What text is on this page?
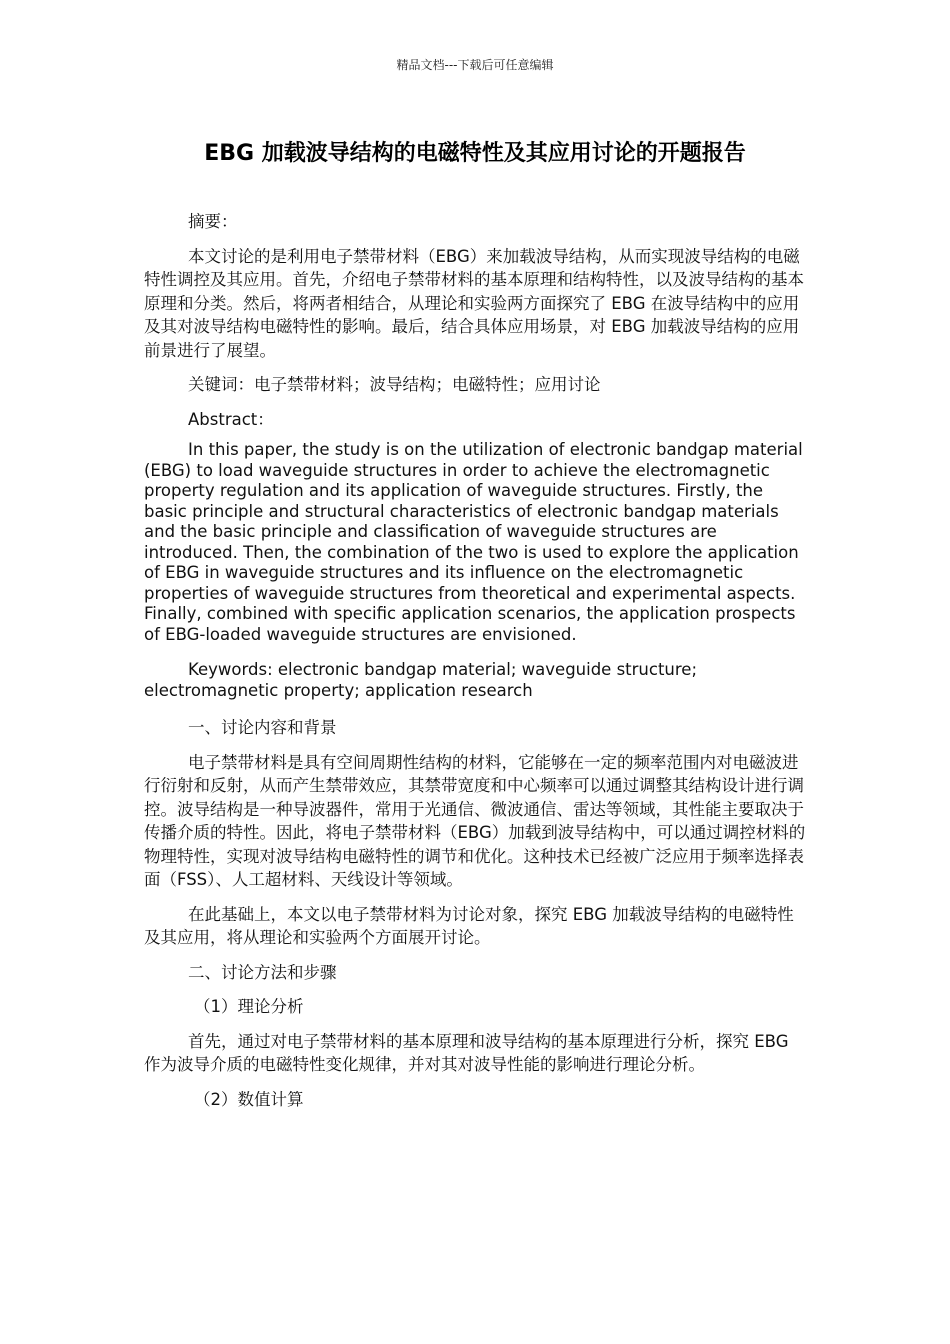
精品文档---下载后可任意编辑
EBG 加载波导结构的电磁特性及其应用讨论的开题报告

摘要：

本文讨论的是利用电子禁带材料（EBG）来加载波导结构，从而实现波导结构的电磁特性调控及其应用。首先，介绍电子禁带材料的基本原理和结构特性，以及波导结构的基本原理和分类。然后，将两者相结合，从理论和实验两方面探究了 EBG 在波导结构中的应用及其对波导结构电磁特性的影响。最后，结合具体应用场景，对 EBG 加载波导结构的应用前景进行了展望。

关键词：电子禁带材料；波导结构；电磁特性；应用讨论

Abstract：

In this paper, the study is on the utilization of electronic bandgap material (EBG) to load waveguide structures in order to achieve the electromagnetic property regulation and its application of waveguide structures. Firstly, the basic principle and structural characteristics of electronic bandgap materials and the basic principle and classification of waveguide structures are introduced. Then, the combination of the two is used to explore the application of EBG in waveguide structures and its influence on the electromagnetic properties of waveguide structures from theoretical and experimental aspects. Finally, combined with specific application scenarios, the application prospects of EBG-loaded waveguide structures are envisioned.

Keywords: electronic bandgap material; waveguide structure; electromagnetic property; application research

一、讨论内容和背景

电子禁带材料是具有空间周期性结构的材料，它能够在一定的频率范围内对电磁波进行衍射和反射，从而产生禁带效应，其禁带宽度和中心频率可以通过调整其结构设计进行调控。波导结构是一种导波器件，常用于光通信、微波通信、雷达等领域，其性能主要取决于传播介质的特性。因此，将电子禁带材料（EBG）加载到波导结构中，可以通过调控材料的物理特性，实现对波导结构电磁特性的调节和优化。这种技术已经被广泛应用于频率选择表面（FSS）、人工超材料、天线设计等领域。

在此基础上，本文以电子禁带材料为讨论对象，探究 EBG 加载波导结构的电磁特性及其应用，将从理论和实验两个方面展开讨论。

二、讨论方法和步骤

（1）理论分析

首先，通过对电子禁带材料的基本原理和波导结构的基本原理进行分析，探究 EBG 作为波导介质的电磁特性变化规律，并对其对波导性能的影响进行理论分析。

（2）数值计算
